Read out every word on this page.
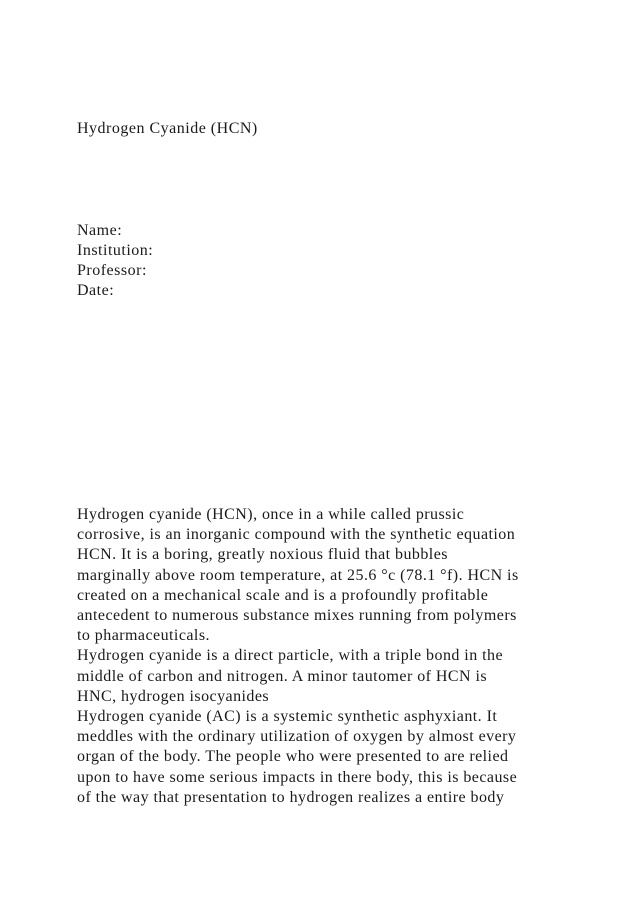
Hydrogen Cyanide (HCN)
Name:
Institution:
Professor:
Date:
Hydrogen cyanide (HCN), once in a while called prussic
corrosive, is an inorganic compound with the synthetic equation
HCN. It is a boring, greatly noxious fluid that bubbles
marginally above room temperature, at 25.6 °c (78.1 °f). HCN is
created on a mechanical scale and is a profoundly profitable
antecedent to numerous substance mixes running from polymers
to pharmaceuticals.
Hydrogen cyanide is a direct particle, with a triple bond in the
middle of carbon and nitrogen. A minor tautomer of HCN is
HNC, hydrogen isocyanides
Hydrogen cyanide (AC) is a systemic synthetic asphyxiant. It
meddles with the ordinary utilization of oxygen by almost every
organ of the body. The people who were presented to are relied
upon to have some serious impacts in there body, this is because
of the way that presentation to hydrogen realizes a entire body
